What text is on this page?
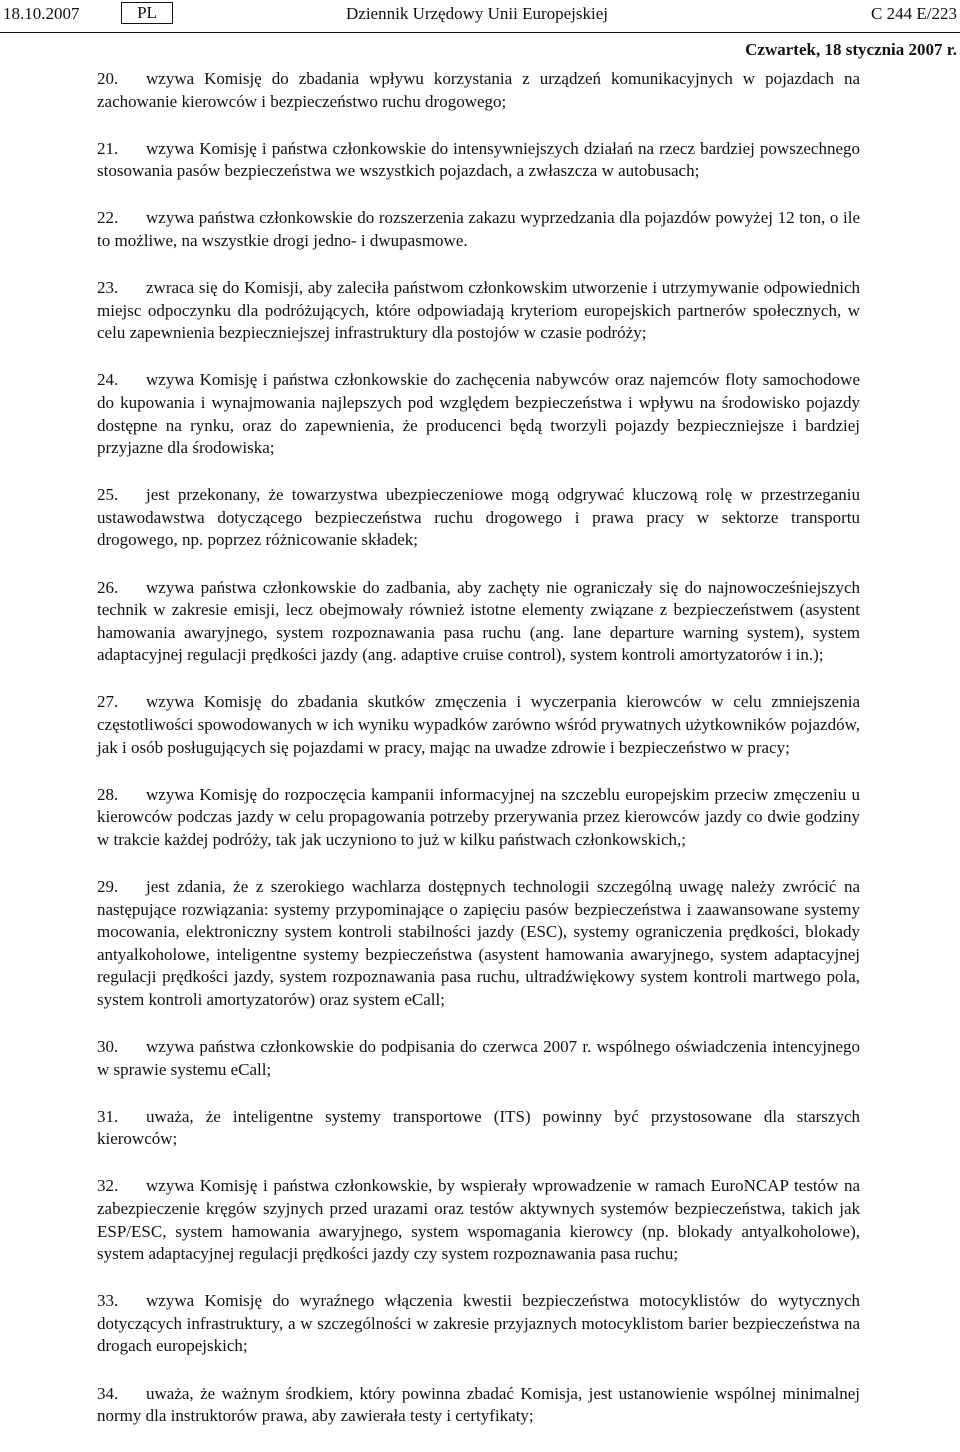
18.10.2007	PL	Dziennik Urzędowy Unii Europejskiej	C 244 E/223
Czwartek, 18 stycznia 2007 r.

20. wzywa Komisję do zbadania wpływu korzystania z urządzeń komunikacyjnych w pojazdach na zachowanie kierowców i bezpieczeństwo ruchu drogowego;

21. wzywa Komisję i państwa członkowskie do intensywniejszych działań na rzecz bardziej powszechnego stosowania pasów bezpieczeństwa we wszystkich pojazdach, a zwłaszcza w autobusach;

22. wzywa państwa członkowskie do rozszerzenia zakazu wyprzedzania dla pojazdów powyżej 12 ton, o ile to możliwe, na wszystkie drogi jedno- i dwupasmowe.

23. zwraca się do Komisji, aby zaleciła państwom członkowskim utworzenie i utrzymywanie odpowiednich miejsc odpoczynku dla podróżujących, które odpowiadają kryteriom europejskich partnerów społecznych, w celu zapewnienia bezpieczniejszej infrastruktury dla postojów w czasie podróży;

24. wzywa Komisję i państwa członkowskie do zachęcenia nabywców oraz najemców floty samochodowe do kupowania i wynajmowania najlepszych pod względem bezpieczeństwa i wpływu na środowisko pojazdy dostępne na rynku, oraz do zapewnienia, że producenci będą tworzyli pojazdy bezpieczniejsze i bardziej przyjazne dla środowiska;

25. jest przekonany, że towarzystwa ubezpieczeniowe mogą odgrywać kluczową rolę w przestrzeganiu ustawodawstwa dotyczącego bezpieczeństwa ruchu drogowego i prawa pracy w sektorze transportu drogowego, np. poprzez różnicowanie składek;

26. wzywa państwa członkowskie do zadbania, aby zachęty nie ograniczały się do najnowocześniejszych technik w zakresie emisji, lecz obejmowały również istotne elementy związane z bezpieczeństwem (asystent hamowania awaryjnego, system rozpoznawania pasa ruchu (ang. lane departure warning system), system adaptacyjnej regulacji prędkości jazdy (ang. adaptive cruise control), system kontroli amortyzatorów i in.);

27. wzywa Komisję do zbadania skutków zmęczenia i wyczerpania kierowców w celu zmniejszenia częstotliwości spowodowanych w ich wyniku wypadków zarówno wśród prywatnych użytkowników pojazdów, jak i osób posługujących się pojazdami w pracy, mając na uwadze zdrowie i bezpieczeństwo w pracy;

28. wzywa Komisję do rozpoczęcia kampanii informacyjnej na szczeblu europejskim przeciw zmęczeniu u kierowców podczas jazdy w celu propagowania potrzeby przerywania przez kierowców jazdy co dwie godziny w trakcie każdej podróży, tak jak uczyniono to już w kilku państwach członkowskich,;

29. jest zdania, że z szerokiego wachlarza dostępnych technologii szczególną uwagę należy zwrócić na następujące rozwiązania: systemy przypominające o zapięciu pasów bezpieczeństwa i zaawansowane systemy mocowania, elektroniczny system kontroli stabilności jazdy (ESC), systemy ograniczenia prędkości, blokady antyalkoholowe, inteligentne systemy bezpieczeństwa (asystent hamowania awaryjnego, system adaptacyjnej regulacji prędkości jazdy, system rozpoznawania pasa ruchu, ultradźwiękowy system kontroli martwego pola, system kontroli amortyzatorów) oraz system eCall;

30. wzywa państwa członkowskie do podpisania do czerwca 2007 r. wspólnego oświadczenia intencyjnego w sprawie systemu eCall;

31. uważa, że inteligentne systemy transportowe (ITS) powinny być przystosowane dla starszych kierowców;

32. wzywa Komisję i państwa członkowskie, by wspierały wprowadzenie w ramach EuroNCAP testów na zabezpieczenie kręgów szyjnych przed urazami oraz testów aktywnych systemów bezpieczeństwa, takich jak ESP/ESC, system hamowania awaryjnego, system wspomagania kierowcy (np. blokady antyalkoholowe), system adaptacyjnej regulacji prędkości jazdy czy system rozpoznawania pasa ruchu;

33. wzywa Komisję do wyraźnego włączenia kwestii bezpieczeństwa motocyklistów do wytycznych dotyczących infrastruktury, a w szczególności w zakresie przyjaznych motocyklistom barier bezpieczeństwa na drogach europejskich;

34. uważa, że ważnym środkiem, który powinna zbadać Komisja, jest ustanowienie wspólnej minimalnej normy dla instruktorów prawa, aby zawierała testy i certyfikaty;
